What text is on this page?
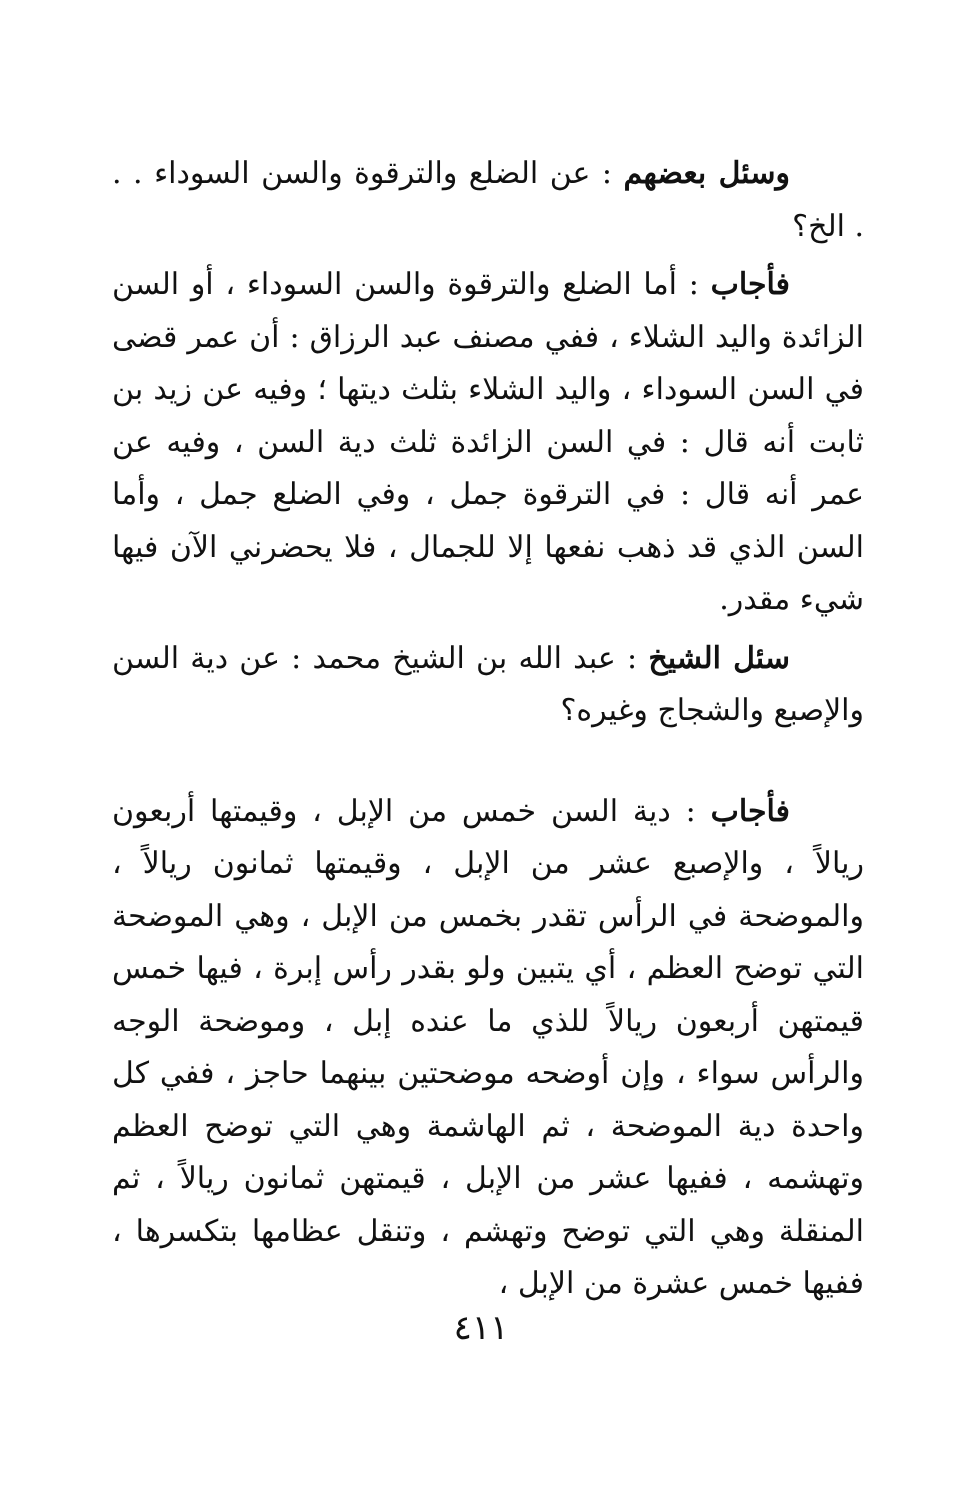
وسئل بعضهم : عن الضلع والترقوة والسن السوداء . . . الخ؟

فأجاب : أما الضلع والترقوة والسن السوداء ، أو السن الزائدة واليد الشلاء ، ففي مصنف عبد الرزاق : أن عمر قضى في السن السوداء ، واليد الشلاء بثلث ديتها ؛ وفيه عن زيد بن ثابت أنه قال : في السن الزائدة ثلث دية السن ، وفيه عن عمر أنه قال : في الترقوة جمل ، وفي الضلع جمل ، وأما السن الذي قد ذهب نفعها إلا للجمال ، فلا يحضرني الآن فيها شيء مقدر.

سئل الشيخ : عبد الله بن الشيخ محمد : عن دية السن والإصبع والشجاج وغيره؟

فأجاب : دية السن خمس من الإبل ، وقيمتها أربعون ريالاً ، والإصبع عشر من الإبل ، وقيمتها ثمانون ريالاً ، والموضحة في الرأس تقدر بخمس من الإبل ، وهي الموضحة التي توضح العظم ، أي يتبين ولو بقدر رأس إبرة ، فيها خمس قيمتهن أربعون ريالاً للذي ما عنده إبل ، وموضحة الوجه والرأس سواء ، وإن أوضحه موضحتين بينهما حاجز ، ففي كل واحدة دية الموضحة ، ثم الهاشمة وهي التي توضح العظم وتهشمه ، ففيها عشر من الإبل ، قيمتهن ثمانون ريالاً ، ثم المنقلة وهي التي توضح وتهشم ، وتنقل عظامها بتكسرها ، ففيها خمس عشرة من الإبل ،

٤١١
